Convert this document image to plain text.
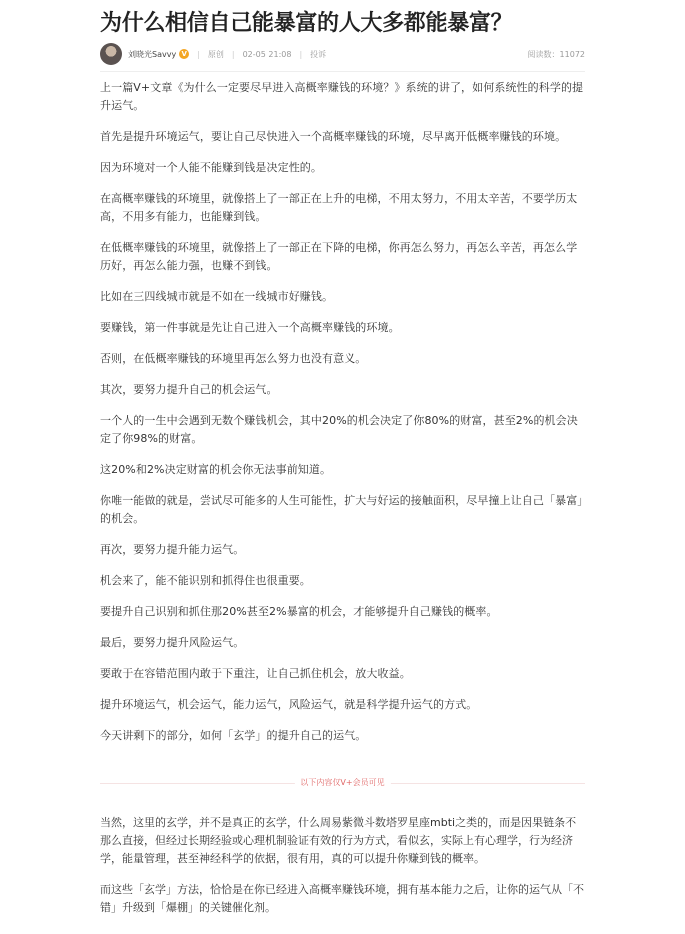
为什么相信自己能暴富的人大多都能暴富？
刘晓光Savvy V | 原创 | 02-05 21:08 | 投诉	阅读数：11072

上一篇V+文章《为什么一定要尽早进入高概率赚钱的环境？》系统的讲了，如何系统性的科学的提升运气。

首先是提升环境运气，要让自己尽快进入一个高概率赚钱的环境，尽早离开低概率赚钱的环境。

因为环境对一个人能不能赚到钱是决定性的。

在高概率赚钱的环境里，就像搭上了一部正在上升的电梯，不用太努力，不用太辛苦，不要学历太高，不用多有能力，也能赚到钱。

在低概率赚钱的环境里，就像搭上了一部正在下降的电梯，你再怎么努力，再怎么辛苦，再怎么学历好，再怎么能力强，也赚不到钱。

比如在三四线城市就是不如在一线城市好赚钱。

要赚钱，第一件事就是先让自己进入一个高概率赚钱的环境。

否则，在低概率赚钱的环境里再怎么努力也没有意义。

其次，要努力提升自己的机会运气。

一个人的一生中会遇到无数个赚钱机会，其中20%的机会决定了你80%的财富，甚至2%的机会决定了你98%的财富。

这20%和2%决定财富的机会你无法事前知道。

你唯一能做的就是，尝试尽可能多的人生可能性，扩大与好运的接触面积，尽早撞上让自己「暴富」的机会。

再次，要努力提升能力运气。

机会来了，能不能识别和抓得住也很重要。

要提升自己识别和抓住那20%甚至2%暴富的机会，才能够提升自己赚钱的概率。

最后，要努力提升风险运气。

要敢于在容错范围内敢于下重注，让自己抓住机会，放大收益。

提升环境运气，机会运气，能力运气，风险运气，就是科学提升运气的方式。

今天讲剩下的部分，如何「玄学」的提升自己的运气。

以下内容仅V+会员可见

当然，这里的玄学，并不是真正的玄学，什么周易紫微斗数塔罗星座mbti之类的，而是因果链条不那么直接，但经过长期经验或心理机制验证有效的行为方式，看似玄，实际上有心理学，行为经济学，能量管理，甚至神经科学的依据，很有用，真的可以提升你赚到钱的概率。

而这些「玄学」方法，恰恰是在你已经进入高概率赚钱环境，拥有基本能力之后，让你的运气从「不错」升级到「爆棚」的关键催化剂。
